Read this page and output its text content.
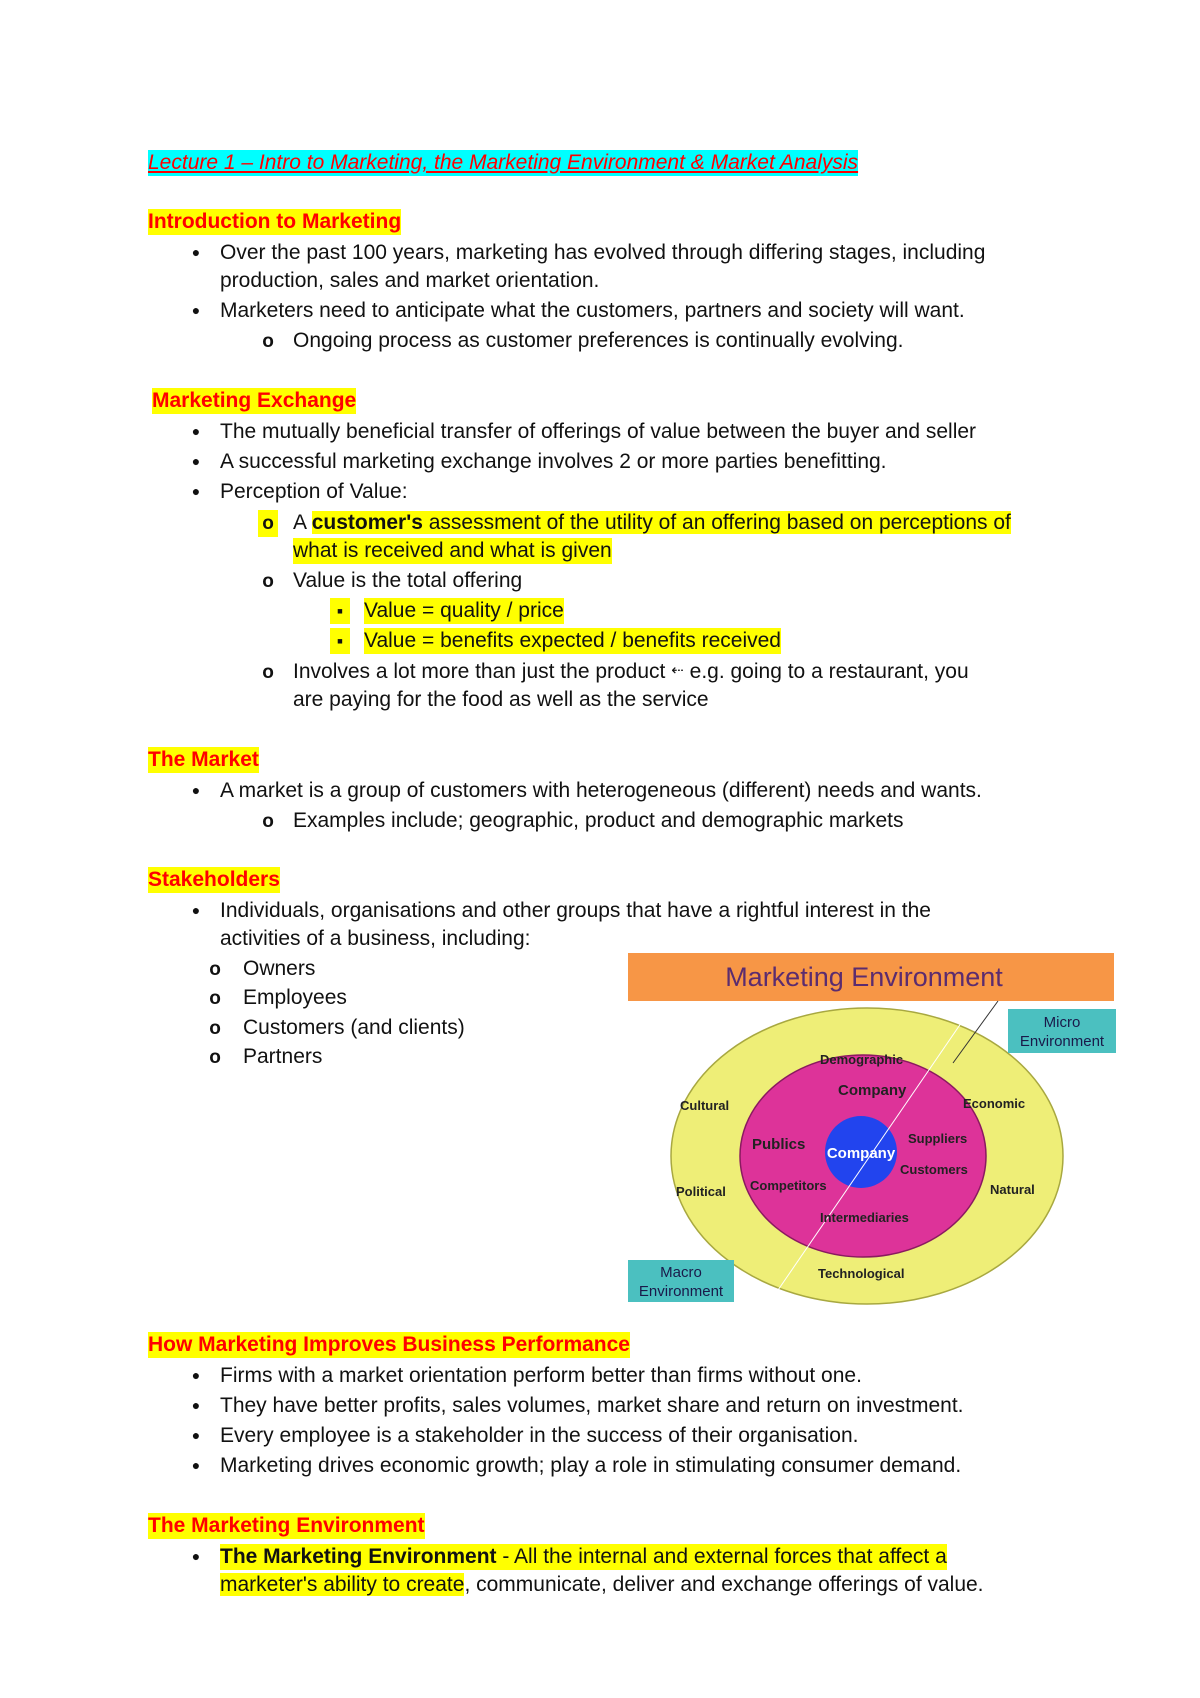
Lecture 1 – Intro to Marketing, the Marketing Environment & Market Analysis
Introduction to Marketing
●
Over the past 100 years, marketing has evolved through differing stages, including
production, sales and market orientation.
●
Marketers need to anticipate what the customers, partners and society will want.
o
Ongoing process as customer preferences is continually evolving.
Marketing Exchange
●
The mutually beneficial transfer of offerings of value between the buyer and seller
●
A successful marketing exchange involves 2 or more parties benefitting.
●
Perception of Value:
o
A customer's assessment of the utility of an offering based on perceptions of
what is received and what is given
o
Value is the total offering
▪
Value = quality / price
▪
Value = benefits expected / benefits received
o
Involves a lot more than just the product ⇠ e.g. going to a restaurant, you
are paying for the food as well as the service
The Market
●
A market is a group of customers with heterogeneous (different) needs and wants.
o
Examples include; geographic, product and demographic markets
Stakeholders
●
Individuals, organisations and other groups that have a rightful interest in the
activities of a business, including:
o
Owners
o
Employees
o
Customers (and clients)
o
Partners
Marketing Environment
Micro
Environment
Macro
Environment
Demographic
Economic
Natural
Technological
Political
Cultural
Company
Suppliers
Customers
Intermediaries
Competitors
Publics
Company
How Marketing Improves Business Performance
●
Firms with a market orientation perform better than firms without one.
●
They have better profits, sales volumes, market share and return on investment.
●
Every employee is a stakeholder in the success of their organisation.
●
Marketing drives economic growth; play a role in stimulating consumer demand.
The Marketing Environment
●
The Marketing Environment - All the internal and external forces that affect a
marketer's ability to create, communicate, deliver and exchange offerings of value.
